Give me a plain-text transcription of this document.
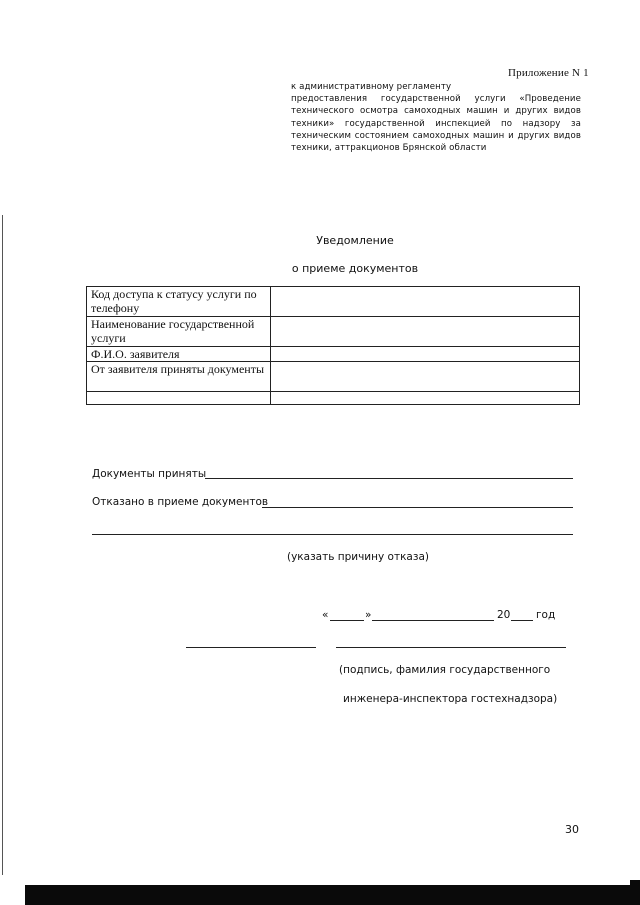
Приложение N 1
к административному регламенту
предоставления государственной услуги «Проведение
технического осмотра самоходных машин и других видов
техники» государственной инспекцией по надзору за
техническим состоянием самоходных машин и других видов
техники, аттракционов Брянской области
Уведомление
о приеме документов
Код доступа к статусу услуги по телефону	
Наименование государственной услуги	
Ф.И.О. заявителя	
От заявителя приняты документы	

Документы приняты
Отказано в приеме документов
(указать причину отказа)
«	»	20 год
(подпись, фамилия государственного
инженера-инспектора гостехнадзора)
30
